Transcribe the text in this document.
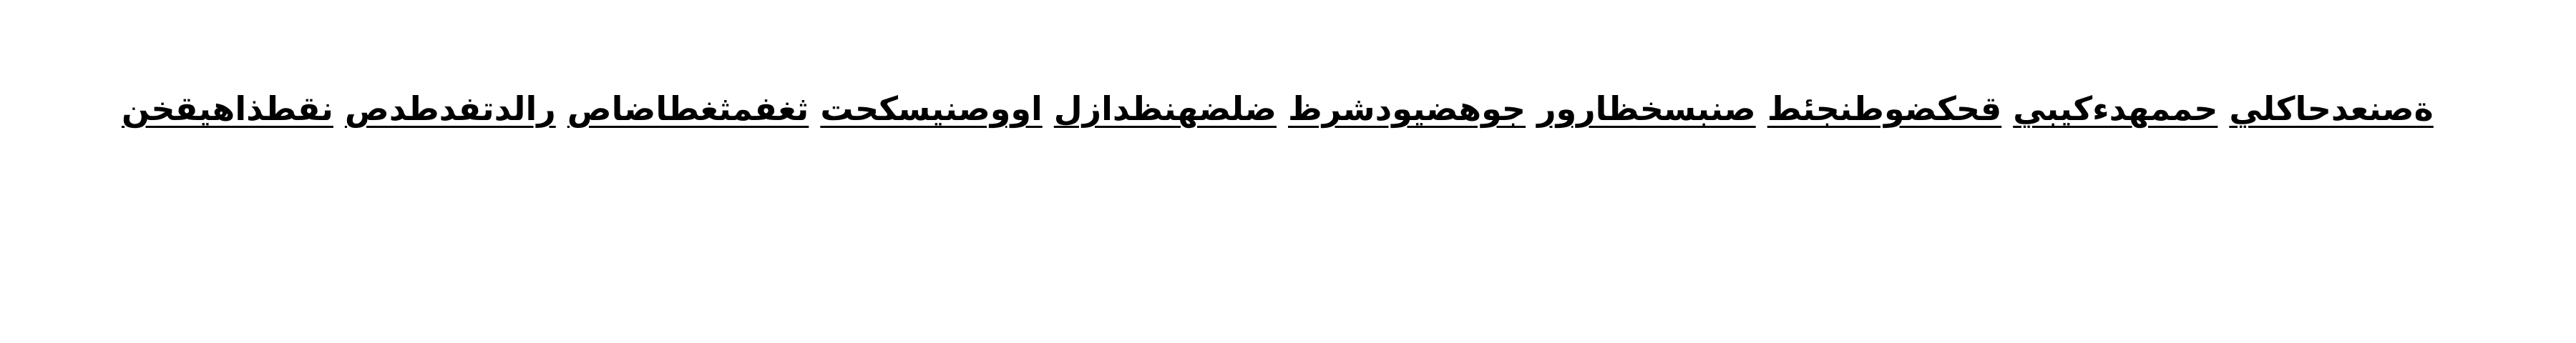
ةصنعدحاكلي حممهدءكيبي قحكضوطنجئط صنبسخظارور جوهضيودشرظ ضلضهنظدازل اووصنيسكحت ثغفمثغطاضاص رالدتفدطدص نقطذاهيقخن
